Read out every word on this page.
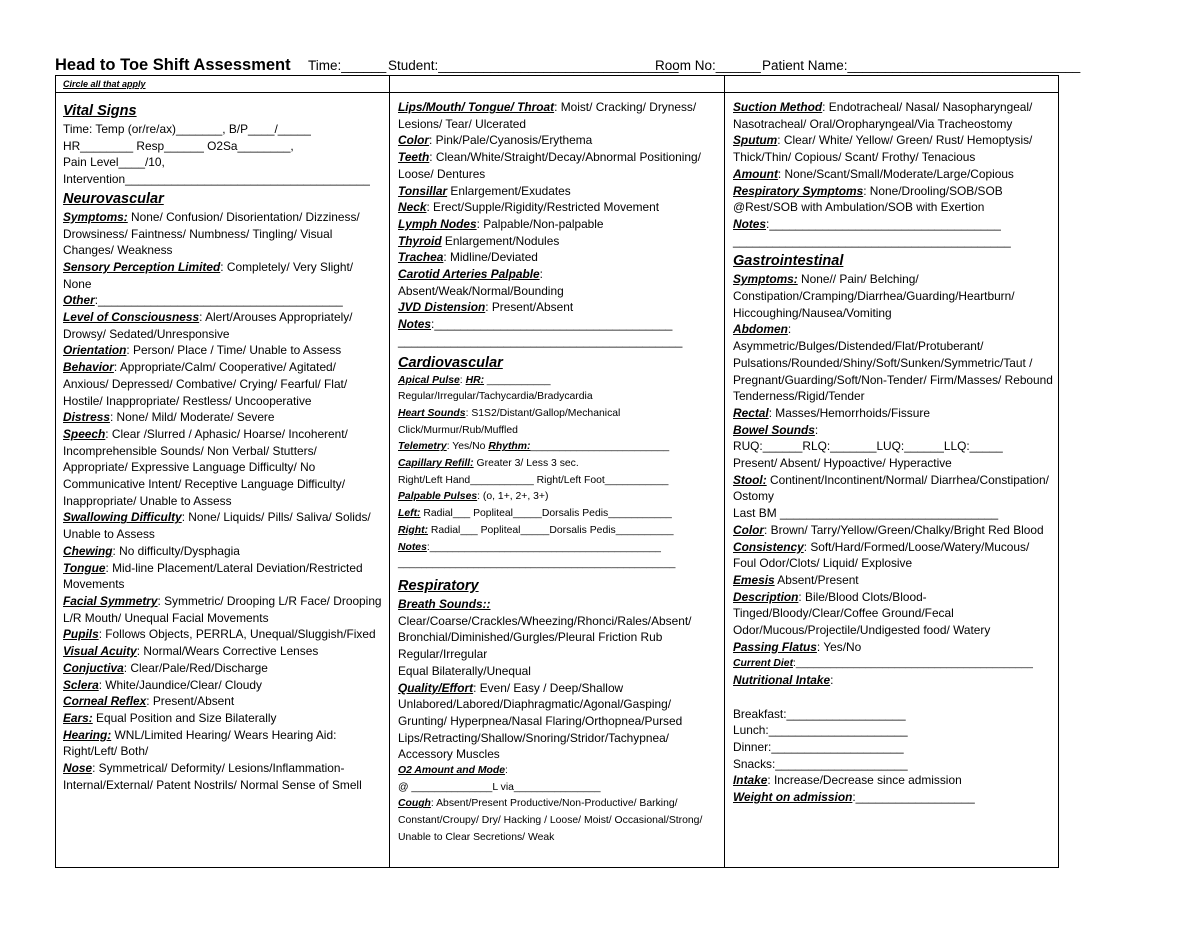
Head to Toe Shift Assessment Time:______ Student:________________________________
Room No:______ Patient Name:_______________________________
Circle all that apply
Vital Signs

Time: Temp (or/re/ax)_______, B/P____/_____

HR________ Resp______ O2Sa________,

Pain Level____/10,

Intervention_____________________________________

Neurovascular

Symptoms: None/ Confusion/ Disorientation/ Dizziness/ Drowsiness/ Faintness/ Numbness/ Tingling/ Visual Changes/ Weakness

Sensory Perception Limited: Completely/ Very Slight/ None

Other:_____________________________________

Level of Consciousness: Alert/Arouses Appropriately/ Drowsy/ Sedated/Unresponsive

Orientation: Person/ Place / Time/ Unable to Assess

Behavior: Appropriate/Calm/ Cooperative/ Agitated/ Anxious/ Depressed/ Combative/ Crying/ Fearful/ Flat/ Hostile/ Inappropriate/ Restless/ Uncooperative

Distress: None/ Mild/ Moderate/ Severe

Speech: Clear /Slurred / Aphasic/ Hoarse/ Incoherent/ Incomprehensible Sounds/ Non Verbal/ Stutters/ Appropriate/ Expressive Language Difficulty/ No Communicative Intent/ Receptive Language Difficulty/ Inappropriate/ Unable to Assess

Swallowing Difficulty: None/ Liquids/ Pills/ Saliva/ Solids/ Unable to Assess

Chewing: No difficulty/Dysphagia

Tongue: Mid-line Placement/Lateral Deviation/Restricted Movements

Facial Symmetry: Symmetric/ Drooping L/R Face/ Drooping L/R Mouth/ Unequal Facial Movements

Pupils: Follows Objects, PERRLA, Unequal/Sluggish/Fixed

Visual Acuity: Normal/Wears Corrective Lenses

Conjuctiva: Clear/Pale/Red/Discharge

Sclera: White/Jaundice/Clear/ Cloudy

Corneal Reflex: Present/Absent

Ears: Equal Position and Size Bilaterally

Hearing: WNL/Limited Hearing/ Wears Hearing Aid: Right/Left/ Both/

Nose: Symmetrical/ Deformity/ Lesions/Inflammation- Internal/External/ Patent Nostrils/ Normal Sense of Smell

Lips/Mouth/ Tongue/ Throat: Moist/ Cracking/ Dryness/ Lesions/ Tear/ Ulcerated

Color: Pink/Pale/Cyanosis/Erythema

Teeth: Clean/White/Straight/Decay/Abnormal Positioning/ Loose/ Dentures

Tonsillar Enlargement/Exudates

Neck: Erect/Supple/Rigidity/Restricted Movement

Lymph Nodes: Palpable/Non-palpable

Thyroid Enlargement/Nodules

Trachea: Midline/Deviated

Carotid Arteries Palpable:

Absent/Weak/Normal/Bounding

JVD Distension: Present/Absent

Notes:____________________________________

___________________________________________

Cardiovascular

Apical Pulse: HR: ___________

Regular/Irregular/Tachycardia/Bradycardia

Heart Sounds: S1S2/Distant/Gallop/Mechanical

Click/Murmur/Rub/Muffled

Telemetry: Yes/No Rhythm:________________________

Capillary Refill: Greater 3/ Less 3 sec.

Right/Left Hand___________ Right/Left Foot___________

Palpable Pulses: (o, 1+, 2+, 3+)

Left: Radial___ Popliteal_____Dorsalis Pedis___________

Right: Radial___ Popliteal_____Dorsalis Pedis__________

Notes:________________________________________

________________________________________________

Respiratory

Breath Sounds::

Clear/Coarse/Crackles/Wheezing/Rhonci/Rales/Absent/ Bronchial/Diminished/Gurgles/Pleural Friction Rub

Regular/Irregular

Equal Bilaterally/Unequal

Quality/Effort: Even/ Easy / Deep/Shallow Unlabored/Labored/Diaphragmatic/Agonal/Gasping/ Grunting/ Hyperpnea/Nasal Flaring/Orthopnea/Pursed Lips/Retracting/Shallow/Snoring/Stridor/Tachypnea/ Accessory Muscles

O2 Amount and Mode:

@ ______________L via_______________

Cough: Absent/Present Productive/Non-Productive/ Barking/ Constant/Croupy/ Dry/ Hacking / Loose/ Moist/ Occasional/Strong/ Unable to Clear Secretions/ Weak

Suction Method: Endotracheal/ Nasal/ Nasopharyngeal/ Nasotracheal/ Oral/Oropharyngeal/Via Tracheostomy

Sputum: Clear/ White/ Yellow/ Green/ Rust/ Hemoptysis/ Thick/Thin/ Copious/ Scant/ Frothy/ Tenacious

Amount: None/Scant/Small/Moderate/Large/Copious

Respiratory Symptoms: None/Drooling/SOB/SOB @Rest/SOB with Ambulation/SOB with Exertion

Notes:___________________________________

__________________________________________

Gastrointestinal

Symptoms: None// Pain/ Belching/ Constipation/Cramping/Diarrhea/Guarding/Heartburn/ Hiccoughing/Nausea/Vomiting

Abdomen:

Asymmetric/Bulges/Distended/Flat/Protuberant/ Pulsations/Rounded/Shiny/Soft/Sunken/Symmetric/Taut / Pregnant/Guarding/Soft/Non-Tender/ Firm/Masses/ Rebound Tenderness/Rigid/Tender

Rectal: Masses/Hemorrhoids/Fissure

Bowel Sounds:

RUQ:______RLQ:_______LUQ:______LLQ:_____

Present/ Absent/ Hypoactive/ Hyperactive

Stool: Continent/Incontinent/Normal/ Diarrhea/Constipation/ Ostomy

Last BM _________________________________

Color: Brown/ Tarry/Yellow/Green/Chalky/Bright Red Blood

Consistency: Soft/Hard/Formed/Loose/Watery/Mucous/ Foul Odor/Clots/ Liquid/ Explosive

Emesis Absent/Present

Description: Bile/Blood Clots/Blood- Tinged/Bloody/Clear/Coffee Ground/Fecal Odor/Mucous/Projectile/Undigested food/ Watery

Passing Flatus: Yes/No

Current Diet:_________________________________________

Nutritional Intake:

Breakfast:__________________

Lunch:_____________________

Dinner:____________________

Snacks:____________________

Intake: Increase/Decrease since admission

Weight on admission:__________________
